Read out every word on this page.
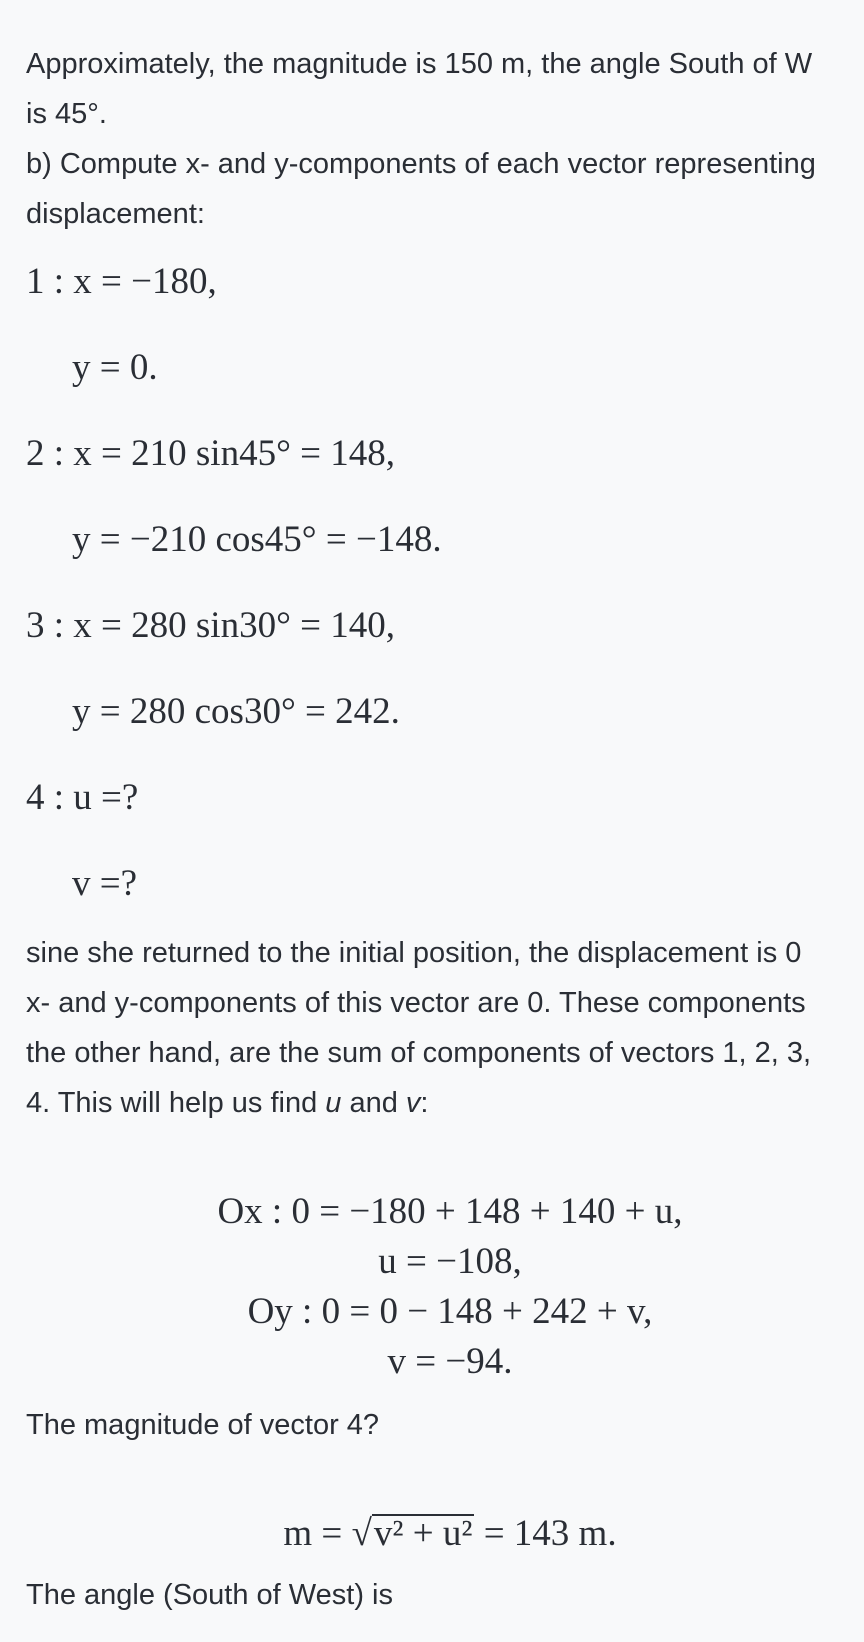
Approximately, the magnitude is 150 m, the angle South of W
is 45°.
b) Compute x- and y-components of each vector representing
displacement:
1 : x = −180,
y = 0.
2 : x = 210 sin45° = 148,
y = −210 cos45° = −148.
3 : x = 280 sin30° = 140,
y = 280 cos30° = 242.
4 : u =?
v =?
sine she returned to the initial position, the displacement is 0
x- and y-components of this vector are 0. These components
the other hand, are the sum of components of vectors 1, 2, 3,
4. This will help us find u and v:
Ox : 0 = −180 + 148 + 140 + u,
u = −108,
Oy : 0 = 0 − 148 + 242 + v,
v = −94.
The magnitude of vector 4?
m = √v² + u² = 143 m.
The angle (South of West) is
